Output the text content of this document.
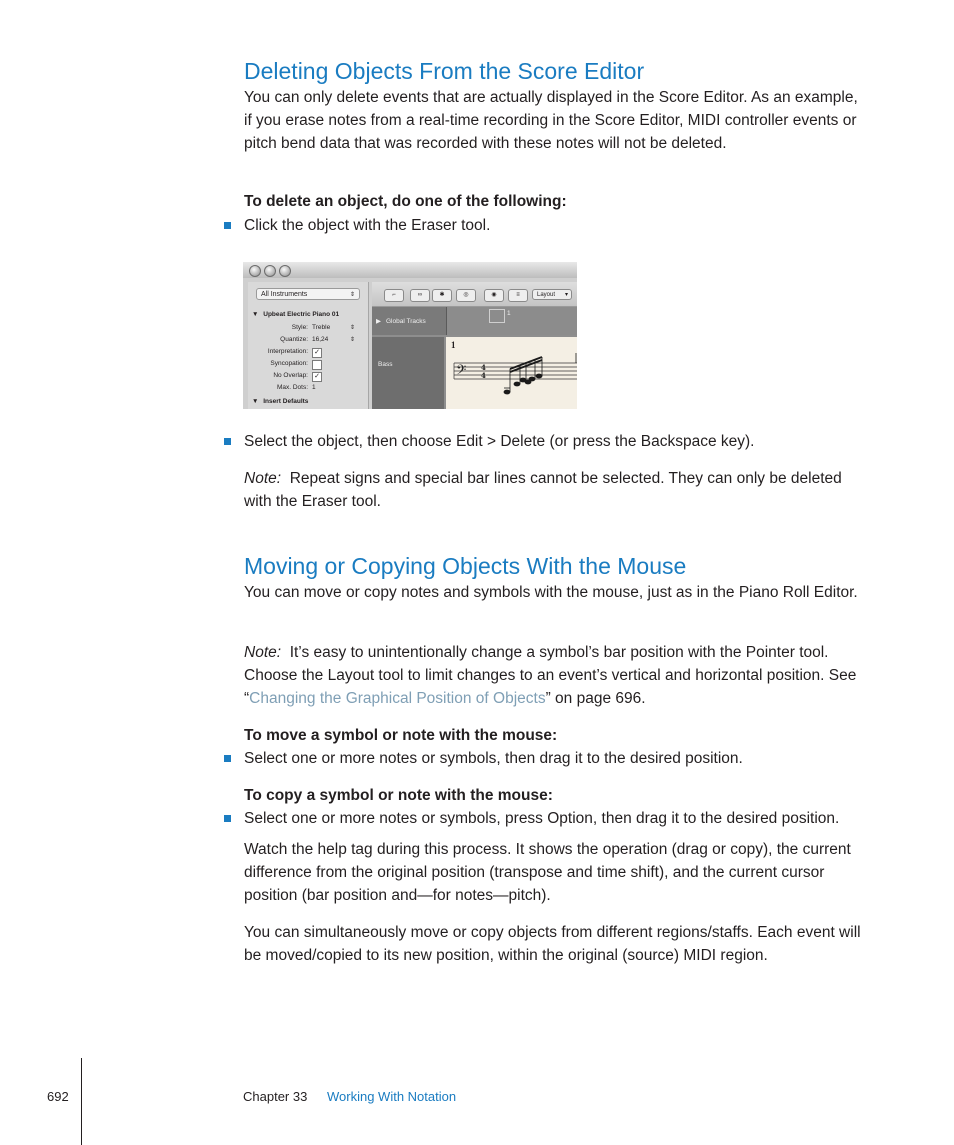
Deleting Objects From the Score Editor

You can only delete events that are actually displayed in the Score Editor. As an example, if you erase notes from a real-time recording in the Score Editor, MIDI controller events or pitch bend data that was recorded with these notes will not be deleted.

To delete an object, do one of the following:

Click the object with the Eraser tool.

All Instruments	⇕
▼ Upbeat Electric Piano 01
Style: Treble	⇕
Quantize: 16,24	⇕
Interpretation: ✓
Syncopation:
No Overlap: ✓
Max. Dots: 1
▼ Insert Defaults
⌐	∞	✱	◎	◉	≡	Layout ▾
▶ Global Tracks
1
Bass
1
𝄢 4
4

Select the object, then choose Edit > Delete (or press the Backspace key).

Note: Repeat signs and special bar lines cannot be selected. They can only be deleted with the Eraser tool.

Moving or Copying Objects With the Mouse

You can move or copy notes and symbols with the mouse, just as in the Piano Roll Editor.

Note: It’s easy to unintentionally change a symbol’s bar position with the Pointer tool. Choose the Layout tool to limit changes to an event’s vertical and horizontal position. See “Changing the Graphical Position of Objects” on page 696.

To move a symbol or note with the mouse:

Select one or more notes or symbols, then drag it to the desired position.

To copy a symbol or note with the mouse:

Select one or more notes or symbols, press Option, then drag it to the desired position.

Watch the help tag during this process. It shows the operation (drag or copy), the current difference from the original position (transpose and time shift), and the current cursor position (bar position and—for notes—pitch).

You can simultaneously move or copy objects from different regions/staffs. Each event will be moved/copied to its new position, within the original (source) MIDI region.

692	Chapter 33 Working With Notation
